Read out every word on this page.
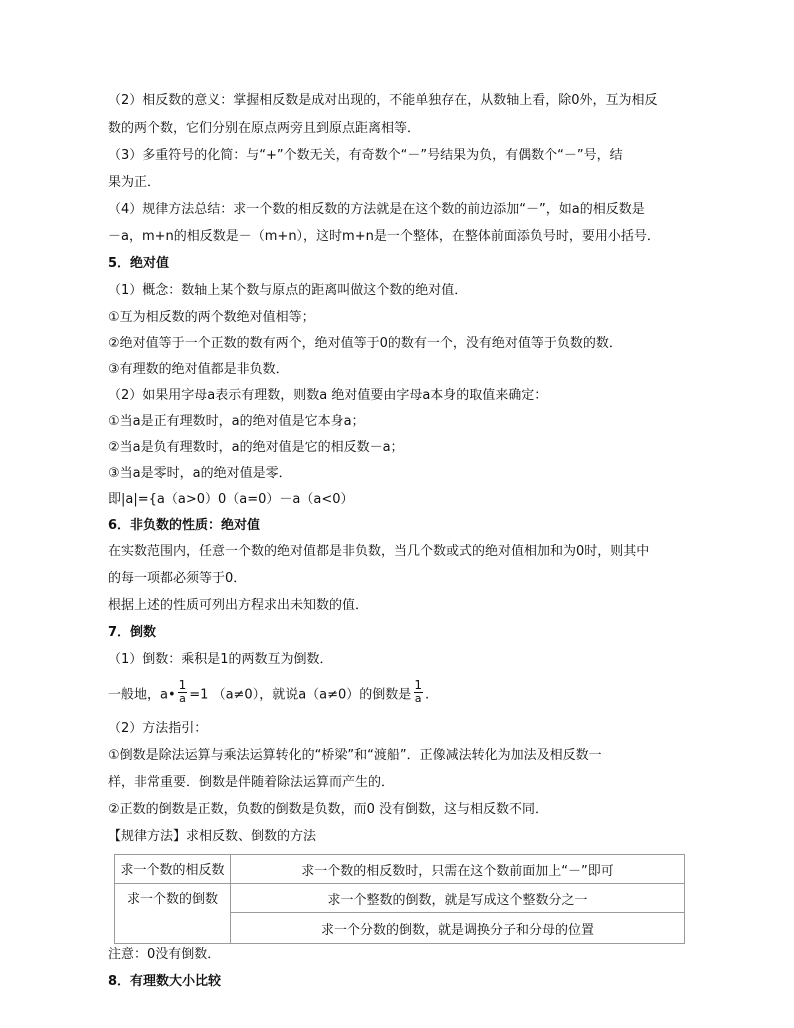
（2）相反数的意义：掌握相反数是成对出现的，不能单独存在，从数轴上看，除0外，互为相反
数的两个数，它们分别在原点两旁且到原点距离相等．
（3）多重符号的化简：与“+”个数无关，有奇数个“－”号结果为负，有偶数个“－”号，结
果为正．
（4）规律方法总结：求一个数的相反数的方法就是在这个数的前边添加“－”，如a的相反数是
－a，m+n的相反数是－（m+n），这时m+n是一个整体，在整体前面添负号时，要用小括号．
5．绝对值
（1）概念：数轴上某个数与原点的距离叫做这个数的绝对值．
①互为相反数的两个数绝对值相等；
②绝对值等于一个正数的数有两个，绝对值等于0的数有一个，没有绝对值等于负数的数．
③有理数的绝对值都是非负数．
（2）如果用字母a表示有理数，则数a 绝对值要由字母a本身的取值来确定：
①当a是正有理数时，a的绝对值是它本身a；
②当a是负有理数时，a的绝对值是它的相反数－a；
③当a是零时，a的绝对值是零．
即|a|={a（a>0）0（a=0）－a（a<0）
6．非负数的性质：绝对值
在实数范围内，任意一个数的绝对值都是非负数，当几个数或式的绝对值相加和为0时，则其中
的每一项都必须等于0．
根据上述的性质可列出方程求出未知数的值．
7．倒数
（1）倒数：乘积是1的两数互为倒数．
一般地，a• $\frac{1}{a} =1$ （a≠0），就说a（a≠0）的倒数是 $\frac{1}{a}$ .
（2）方法指引：
①倒数是除法运算与乘法运算转化的“桥梁”和“渡船”．正像减法转化为加法及相反数一
样，非常重要．倒数是伴随着除法运算而产生的．
②正数的倒数是正数，负数的倒数是负数，而0 没有倒数，这与相反数不同．
【规律方法】求相反数、倒数的方法
求一个数的相反数	求一个数的相反数时，只需在这个数前面加上“－”即可

求一个数的倒数	求一个整数的倒数，就是写成这个整数分之一
	求一个分数的倒数，就是调换分子和分母的位置
注意：0没有倒数．
8．有理数大小比较
